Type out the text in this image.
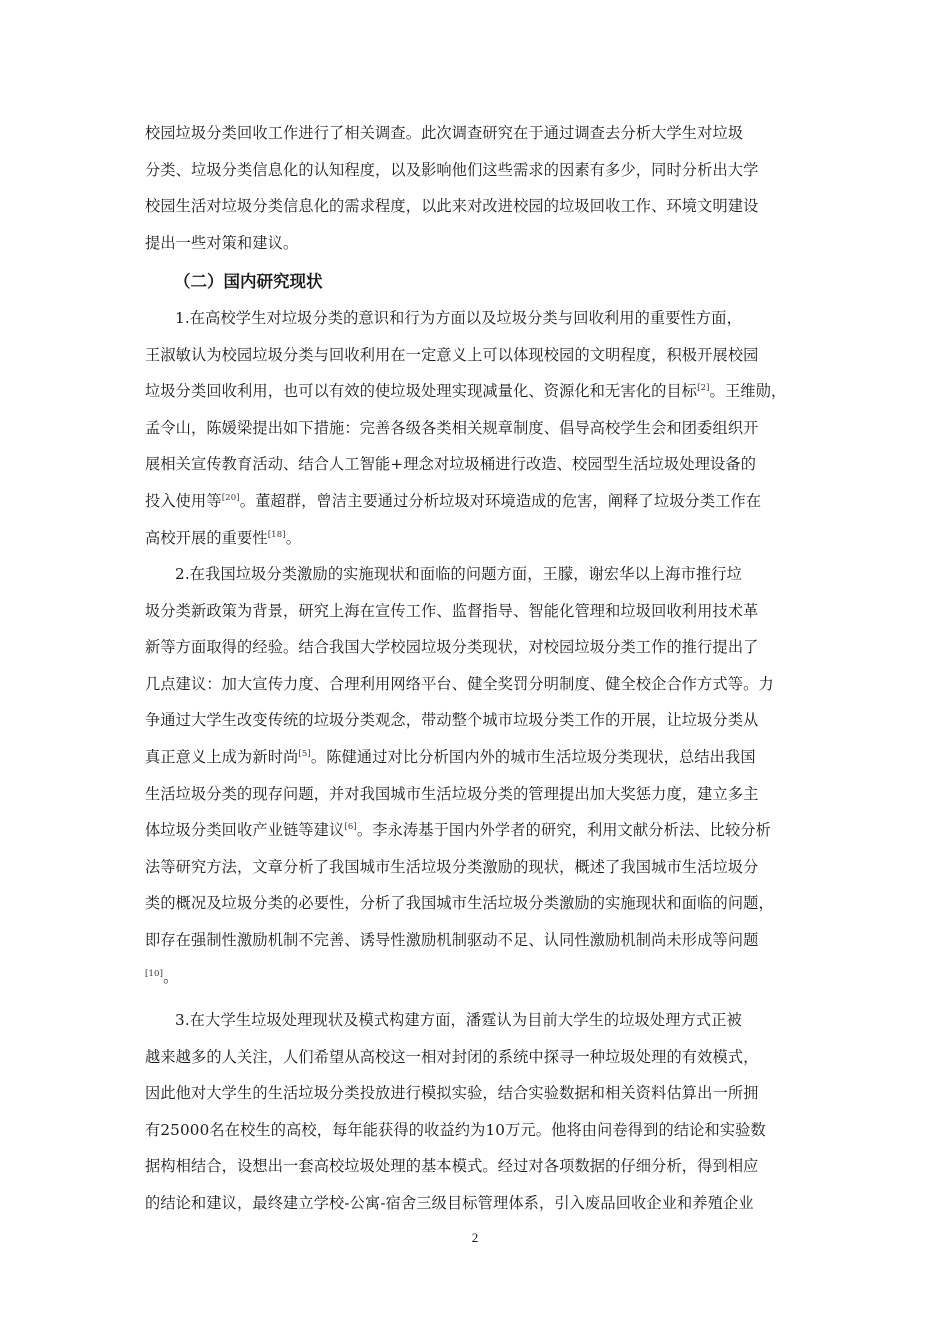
校园垃圾分类回收工作进行了相关调查。此次调查研究在于通过调查去分析大学生对垃圾
分类、垃圾分类信息化的认知程度，以及影响他们这些需求的因素有多少，同时分析出大学
校园生活对垃圾分类信息化的需求程度，以此来对改进校园的垃圾回收工作、环境文明建设
提出一些对策和建议。
（二）国内研究现状
1.在高校学生对垃圾分类的意识和行为方面以及垃圾分类与回收利用的重要性方面，
王淑敏认为校园垃圾分类与回收利用在一定意义上可以体现校园的文明程度，积极开展校园
垃圾分类回收利用，也可以有效的使垃圾处理实现减量化、资源化和无害化的目标[2]。王维勋，
孟令山，陈媛梁提出如下措施：完善各级各类相关规章制度、倡导高校学生会和团委组织开
展相关宣传教育活动、结合人工智能+理念对垃圾桶进行改造、校园型生活垃圾处理设备的
投入使用等[20]。董超群，曾洁主要通过分析垃圾对环境造成的危害，阐释了垃圾分类工作在
高校开展的重要性[18]。
2.在我国垃圾分类激励的实施现状和面临的问题方面，王朦，谢宏华以上海市推行垃
圾分类新政策为背景，研究上海在宣传工作、监督指导、智能化管理和垃圾回收利用技术革
新等方面取得的经验。结合我国大学校园垃圾分类现状，对校园垃圾分类工作的推行提出了
几点建议：加大宣传力度、合理利用网络平台、健全奖罚分明制度、健全校企合作方式等。力
争通过大学生改变传统的垃圾分类观念，带动整个城市垃圾分类工作的开展，让垃圾分类从
真正意义上成为新时尚[5]。陈健通过对比分析国内外的城市生活垃圾分类现状，总结出我国
生活垃圾分类的现存问题，并对我国城市生活垃圾分类的管理提出加大奖惩力度，建立多主
体垃圾分类回收产业链等建议[6]。李永涛基于国内外学者的研究，利用文献分析法、比较分析
法等研究方法，文章分析了我国城市生活垃圾分类激励的现状，概述了我国城市生活垃圾分
类的概况及垃圾分类的必要性，分析了我国城市生活垃圾分类激励的实施现状和面临的问题，
即存在强制性激励机制不完善、诱导性激励机制驱动不足、认同性激励机制尚未形成等问题
[10]。
3.在大学生垃圾处理现状及模式构建方面，潘霆认为目前大学生的垃圾处理方式正被
越来越多的人关注，人们希望从高校这一相对封闭的系统中探寻一种垃圾处理的有效模式，
因此他对大学生的生活垃圾分类投放进行模拟实验，结合实验数据和相关资料估算出一所拥
有25000名在校生的高校，每年能获得的收益约为10万元。他将由问卷得到的结论和实验数
据构相结合，设想出一套高校垃圾处理的基本模式。经过对各项数据的仔细分析，得到相应
的结论和建议，最终建立学校-公寓-宿舍三级目标管理体系，引入废品回收企业和养殖企业
2
